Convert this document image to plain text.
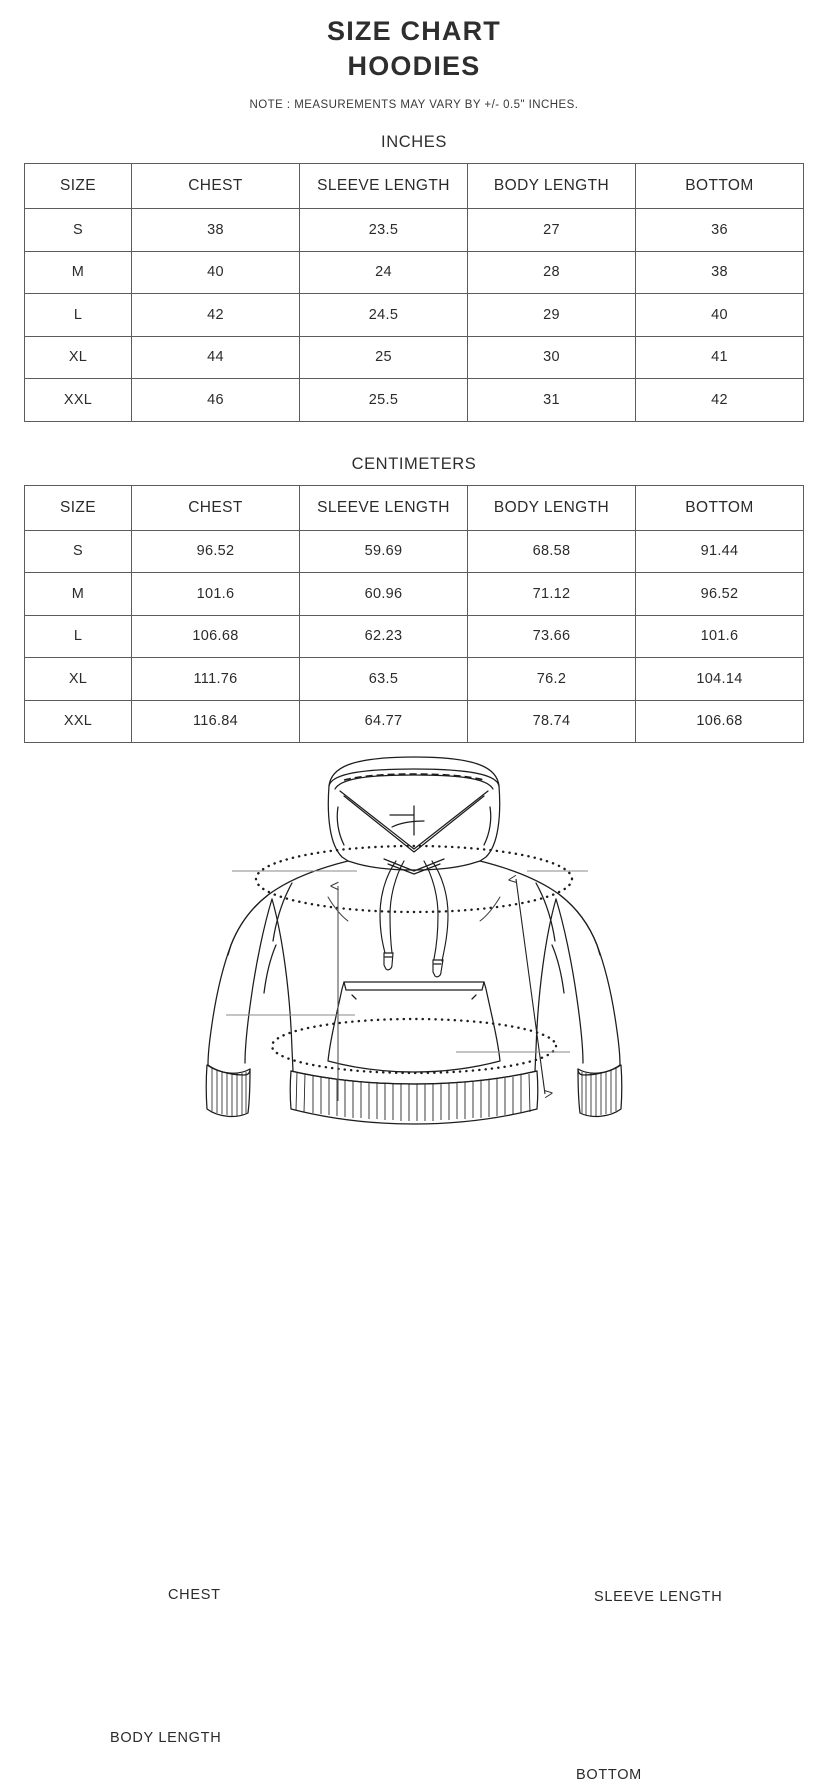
SIZE CHART
HOODIES
NOTE : MEASUREMENTS MAY VARY BY +/- 0.5" INCHES.
INCHES
SIZE	CHEST	SLEEVE LENGTH	BODY LENGTH	BOTTOM
S	38	23.5	27	36
M	40	24	28	38
L	42	24.5	29	40
XL	44	25	30	41
XXL	46	25.5	31	42
CENTIMETERS
SIZE	CHEST	SLEEVE LENGTH	BODY LENGTH	BOTTOM
S	96.52	59.69	68.58	91.44
M	101.6	60.96	71.12	96.52
L	106.68	62.23	73.66	101.6
XL	111.76	63.5	76.2	104.14
XXL	116.84	64.77	78.74	106.68
CHEST
BODY LENGTH
SLEEVE LENGTH
BOTTOM
